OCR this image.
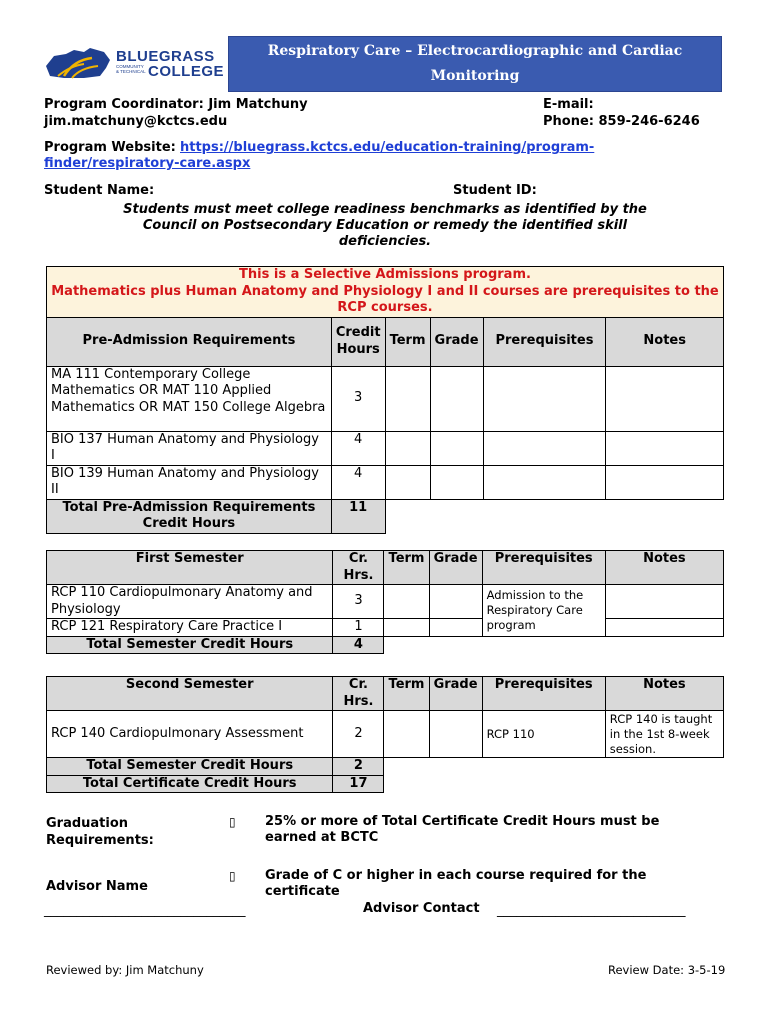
BLUEGRASS
COMMUNITY & TECHNICAL COLLEGE
Respiratory Care – Electrocardiographic and Cardiac Monitoring
Technician Certificate
Program Coordinator: Jim Matchuny
jim.matchuny@kctcs.edu
E-mail:
Phone: 859-246-6246
Program Website: https://bluegrass.kctcs.edu/education-training/program-
finder/respiratory-care.aspx
Student Name:	Student ID:
Students must meet college readiness benchmarks as identified by the Council on Postsecondary Education or remedy the identified skill deficiencies.
This is a Selective Admissions program.
Mathematics plus Human Anatomy and Physiology I and II courses are prerequisites to the RCP courses.					

Pre-Admission Requirements	Credit Hours	Term	Grade	Prerequisites	Notes
MA 111 Contemporary College Mathematics OR MAT 110 Applied Mathematics OR MAT 150 College Algebra	3				
BIO 137 Human Anatomy and Physiology I	4				
BIO 139 Human Anatomy and Physiology II	4				
Total Pre-Admission Requirements Credit Hours	11				
First Semester	Cr. Hrs.	Term	Grade	Prerequisites	Notes
RCP 110 Cardiopulmonary Anatomy and Physiology	3			Admission to the Respiratory Care program	
RCP 121 Respiratory Care Practice I	1				
Total Semester Credit Hours	4				
Second Semester	Cr. Hrs.	Term	Grade	Prerequisites	Notes
RCP 140 Cardiopulmonary Assessment	2			RCP 110	RCP 140 is taught in the 1st 8-week session.
Total Semester Credit Hours	2				
Total Certificate Credit Hours	17				
Graduation Requirements:
▯ 25% or more of Total Certificate Credit Hours must be earned at BCTC
▯ Grade of C or higher in each course required for the certificate
Advisor Name
_______________________________	Advisor Contact _____________________________
Reviewed by: Jim Matchuny	Review Date: 3-5-19
